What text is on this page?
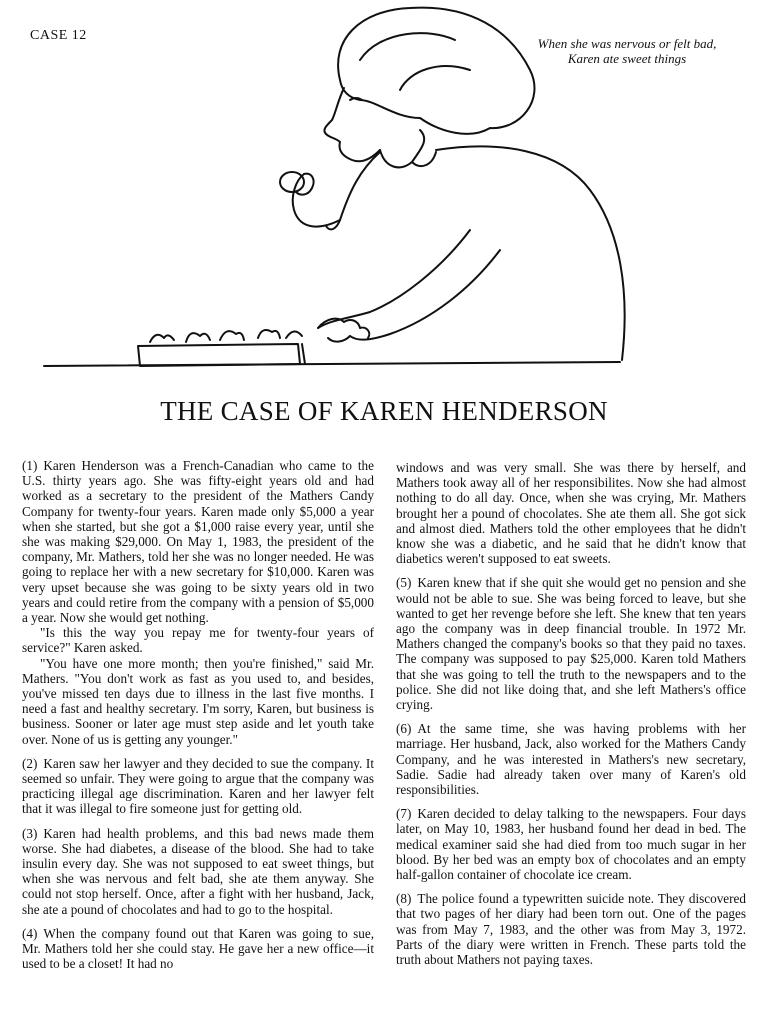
CASE 12
When she was nervous or felt bad,
Karen ate sweet things
THE CASE OF KAREN HENDERSON

(1) Karen Henderson was a French-Canadian who came to the U.S. thirty years ago. She was fifty-eight years old and had worked as a secretary to the president of the Mathers Candy Company for twenty-four years. Karen made only $5,000 a year when she started, but she got a $1,000 raise every year, until she she was making $29,000. On May 1, 1983, the president of the company, Mr. Mathers, told her she was no longer needed. He was going to replace her with a new secretary for $10,000. Karen was very upset because she was going to be sixty years old in two years and could retire from the company with a pension of $5,000 a year. Now she would get nothing.

"Is this the way you repay me for twenty-four years of service?" Karen asked.

"You have one more month; then you're finished," said Mr. Mathers. "You don't work as fast as you used to, and besides, you've missed ten days due to illness in the last five months. I need a fast and healthy secretary. I'm sorry, Karen, but business is business. Sooner or later age must step aside and let youth take over. None of us is getting any younger."

(2) Karen saw her lawyer and they decided to sue the company. It seemed so unfair. They were going to argue that the company was practicing illegal age discrimination. Karen and her lawyer felt that it was illegal to fire someone just for getting old.

(3) Karen had health problems, and this bad news made them worse. She had diabetes, a disease of the blood. She had to take insulin every day. She was not supposed to eat sweet things, but when she was nervous and felt bad, she ate them anyway. She could not stop herself. Once, after a fight with her husband, Jack, she ate a pound of chocolates and had to go to the hospital.

(4) When the company found out that Karen was going to sue, Mr. Mathers told her she could stay. He gave her a new office—it used to be a closet! It had no

windows and was very small. She was there by herself, and Mathers took away all of her responsibilites. Now she had almost nothing to do all day. Once, when she was crying, Mr. Mathers brought her a pound of chocolates. She ate them all. She got sick and almost died. Mathers told the other employees that he didn't know she was a diabetic, and he said that he didn't know that diabetics weren't supposed to eat sweets.

(5) Karen knew that if she quit she would get no pension and she would not be able to sue. She was being forced to leave, but she wanted to get her revenge before she left. She knew that ten years ago the company was in deep financial trouble. In 1972 Mr. Mathers changed the company's books so that they paid no taxes. The company was supposed to pay $25,000. Karen told Mathers that she was going to tell the truth to the newspapers and to the police. She did not like doing that, and she left Mathers's office crying.

(6) At the same time, she was having problems with her marriage. Her husband, Jack, also worked for the Mathers Candy Company, and he was interested in Mathers's new secretary, Sadie. Sadie had already taken over many of Karen's old responsibilities.

(7) Karen decided to delay talking to the newspapers. Four days later, on May 10, 1983, her husband found her dead in bed. The medical examiner said she had died from too much sugar in her blood. By her bed was an empty box of chocolates and an empty half-gallon container of chocolate ice cream.

(8) The police found a typewritten suicide note. They discovered that two pages of her diary had been torn out. One of the pages was from May 7, 1983, and the other was from May 3, 1972. Parts of the diary were written in French. These parts told the truth about Mathers not paying taxes.
